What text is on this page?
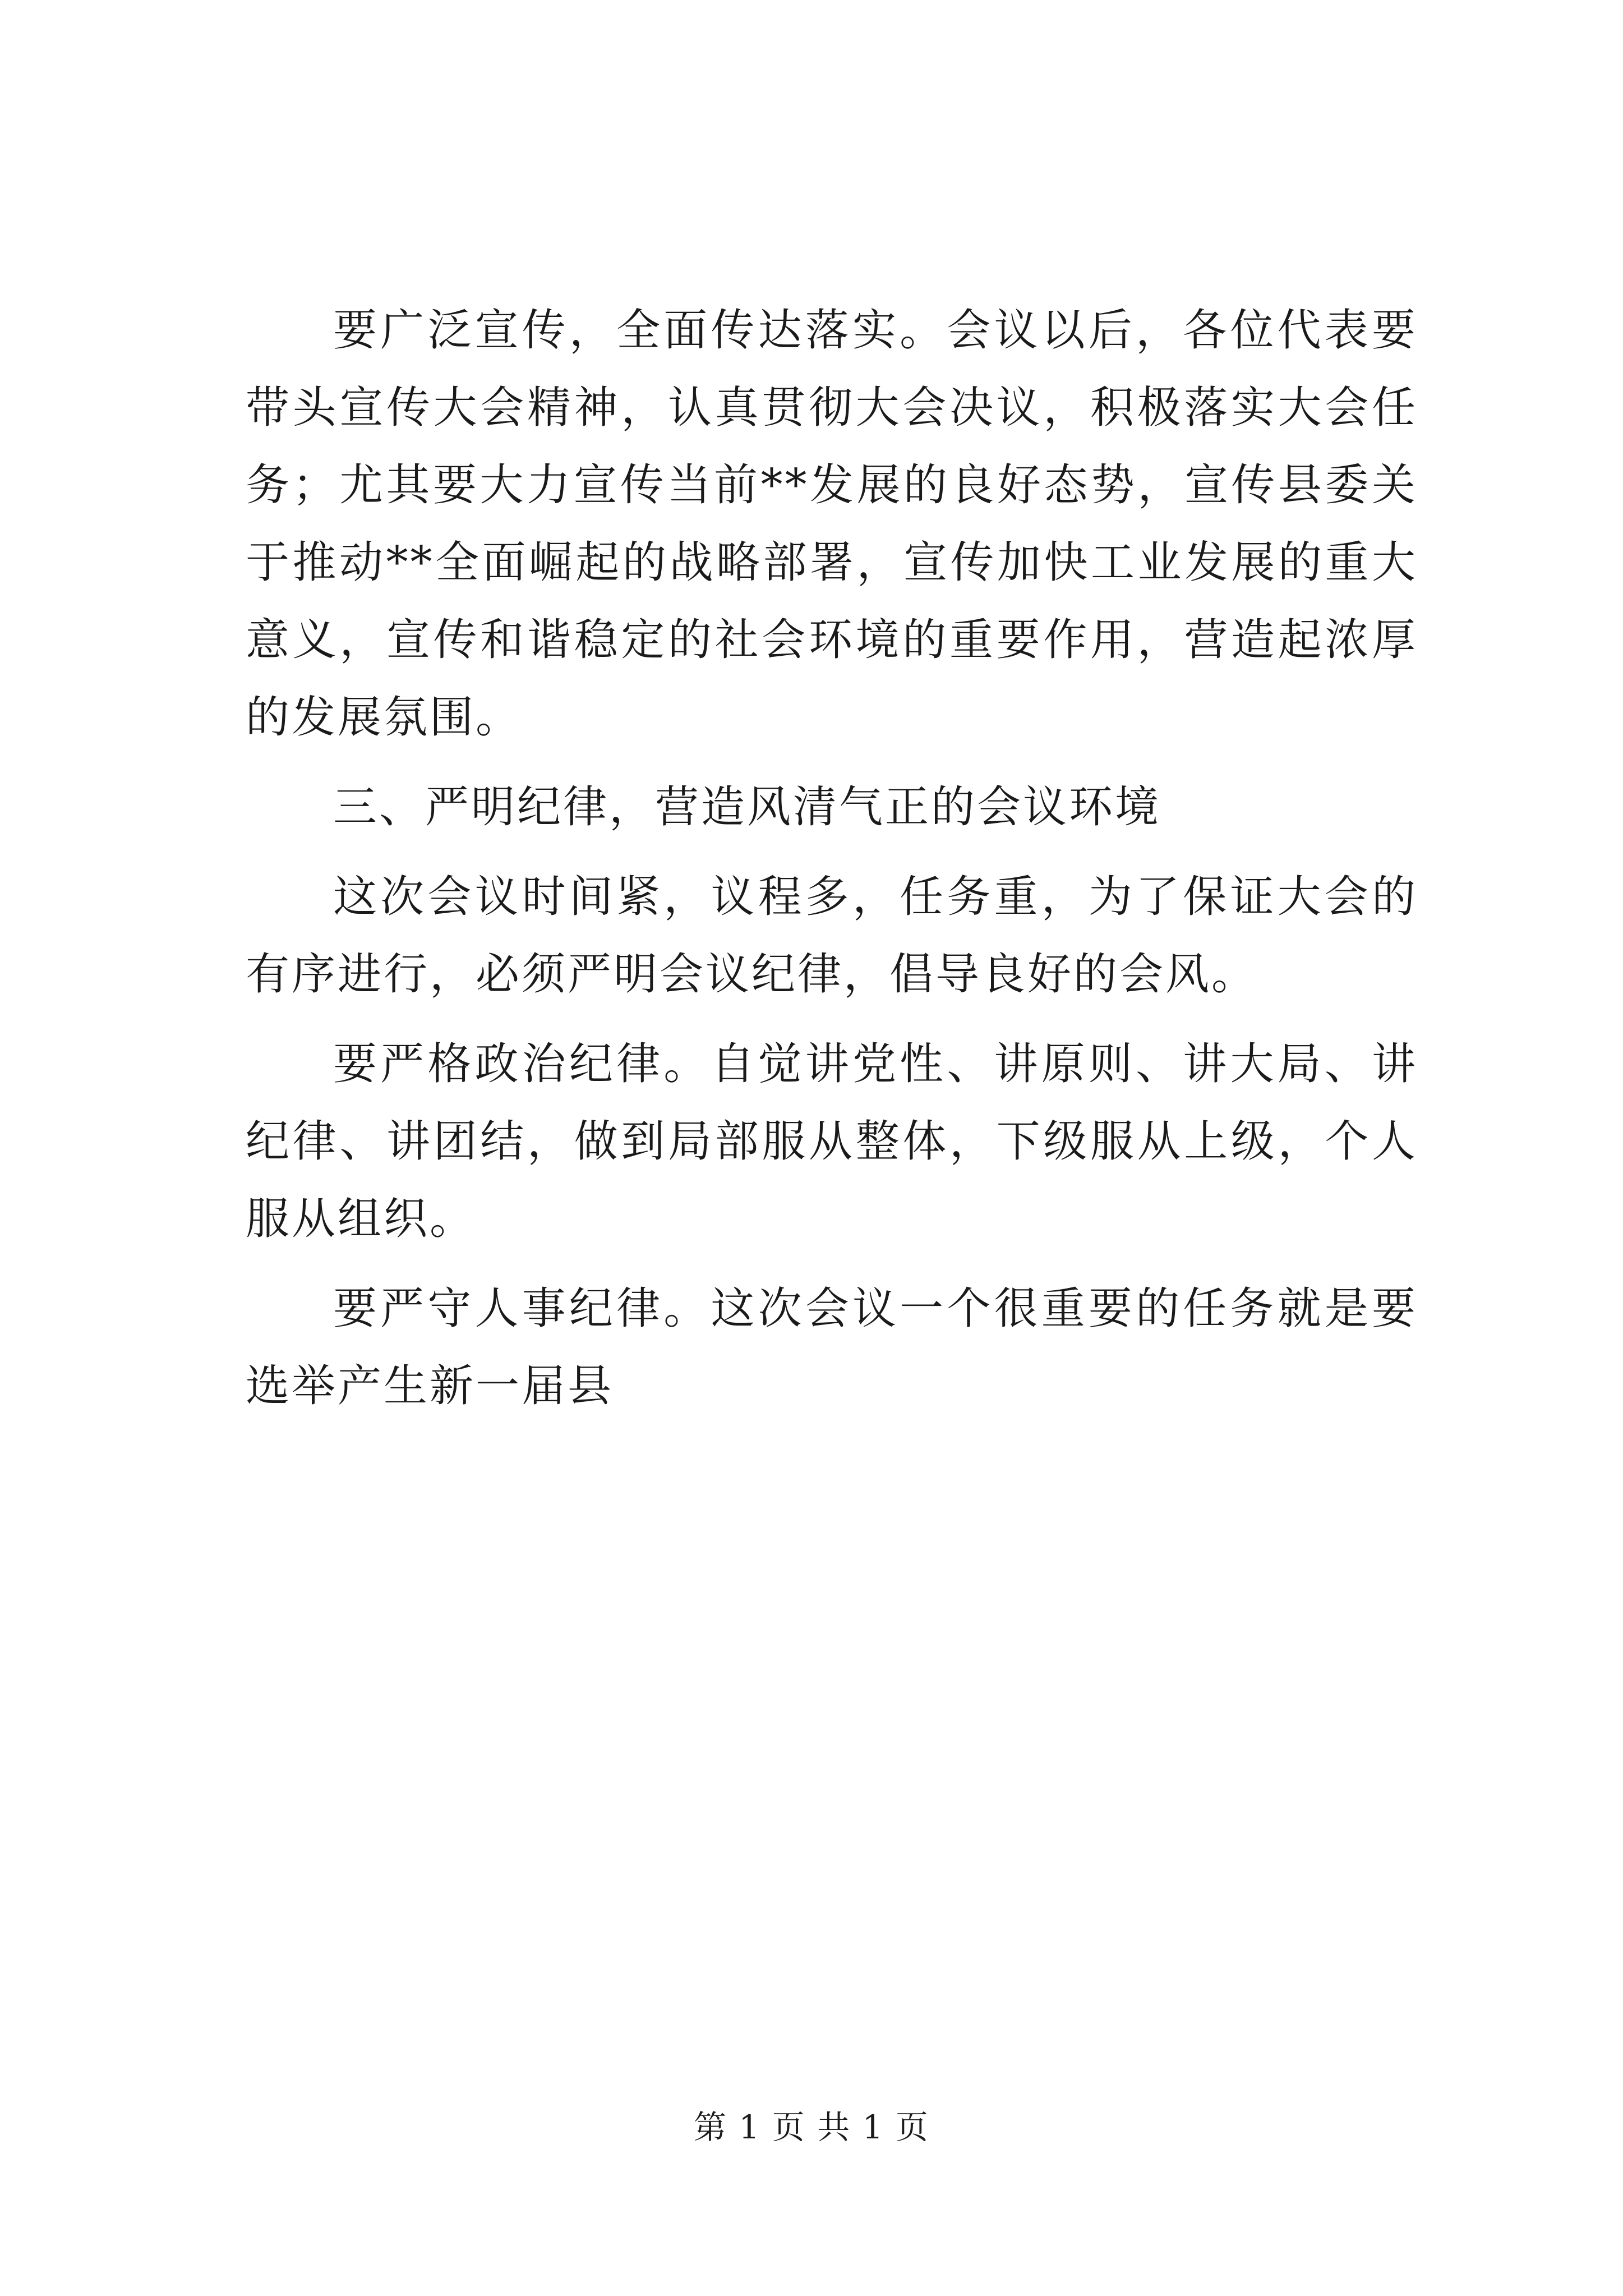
要广泛宣传，全面传达落实。会议以后，各位代表要带头宣传大会精神，认真贯彻大会决议，积极落实大会任务；尤其要大力宣传当前**发展的良好态势，宣传县委关于推动**全面崛起的战略部署，宣传加快工业发展的重大意义，宣传和谐稳定的社会环境的重要作用，营造起浓厚的发展氛围。

三、严明纪律，营造风清气正的会议环境

这次会议时间紧，议程多，任务重，为了保证大会的有序进行，必须严明会议纪律，倡导良好的会风。

要严格政治纪律。自觉讲党性、讲原则、讲大局、讲纪律、讲团结，做到局部服从整体，下级服从上级，个人服从组织。

要严守人事纪律。这次会议一个很重要的任务就是要选举产生新一届县

第 1 页 共 1 页
